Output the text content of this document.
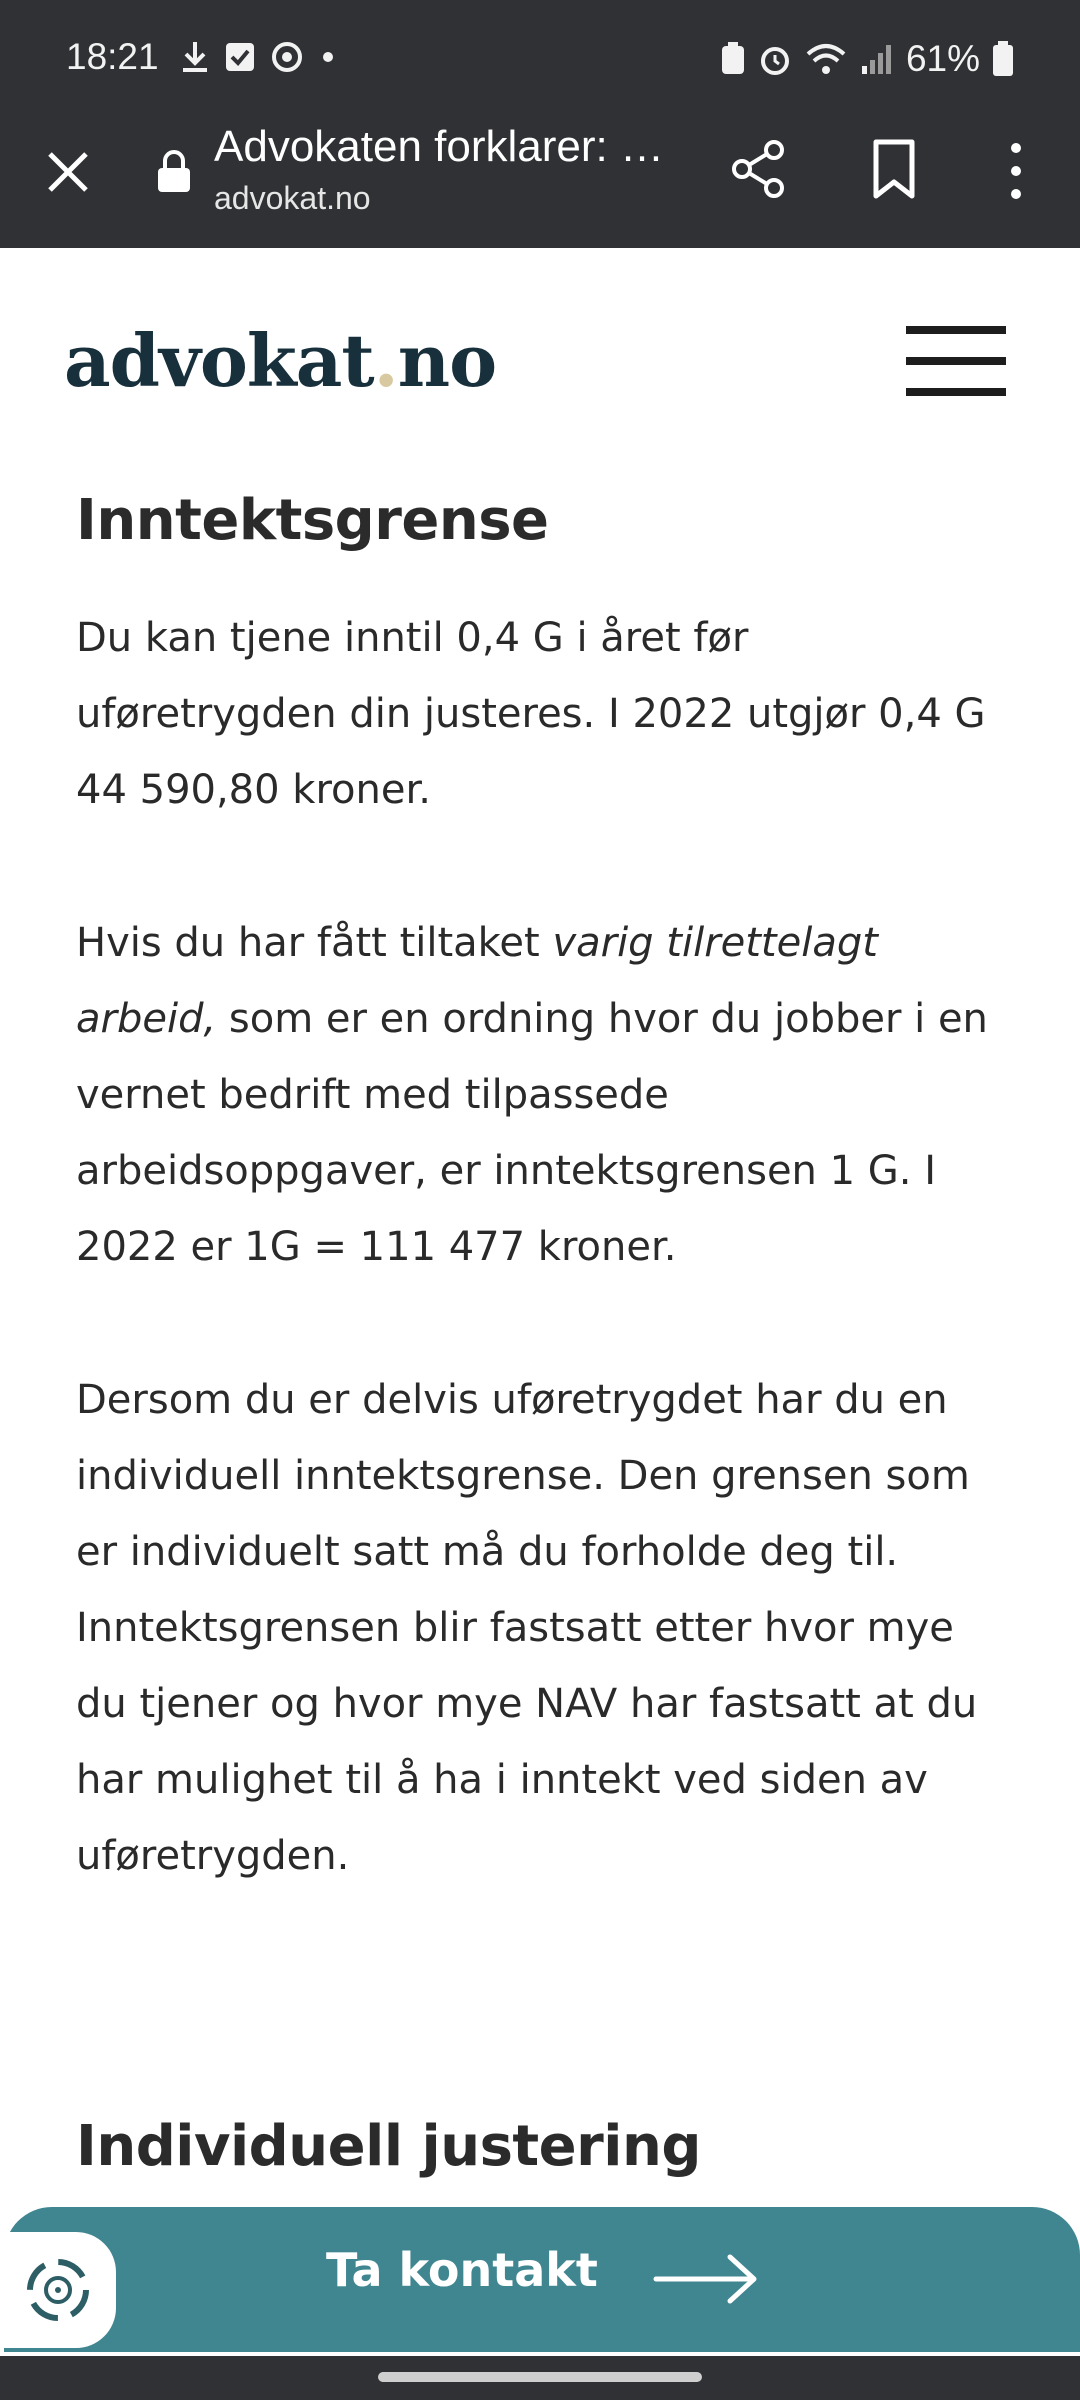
18:21	61%
Advokaten forklarer: …
advokat.no
advokat.no
Inntektsgrense

Du kan tjene inntil 0,4 G i året før uføretrygden din justeres. I 2022 utgjør 0,4 G 44 590,80 kroner.

Hvis du har fått tiltaket varig tilrettelagt arbeid, som er en ordning hvor du jobber i en vernet bedrift med tilpassede arbeidsoppgaver, er inntektsgrensen 1 G. I 2022 er 1G = 111 477 kroner.

Dersom du er delvis uføretrygdet har du en individuell inntektsgrense. Den grensen som er individuelt satt må du forholde deg til. Inntektsgrensen blir fastsatt etter hvor mye du tjener og hvor mye NAV har fastsatt at du har mulighet til å ha i inntekt ved siden av uføretrygden.

Individuell justering
Ta kontakt
